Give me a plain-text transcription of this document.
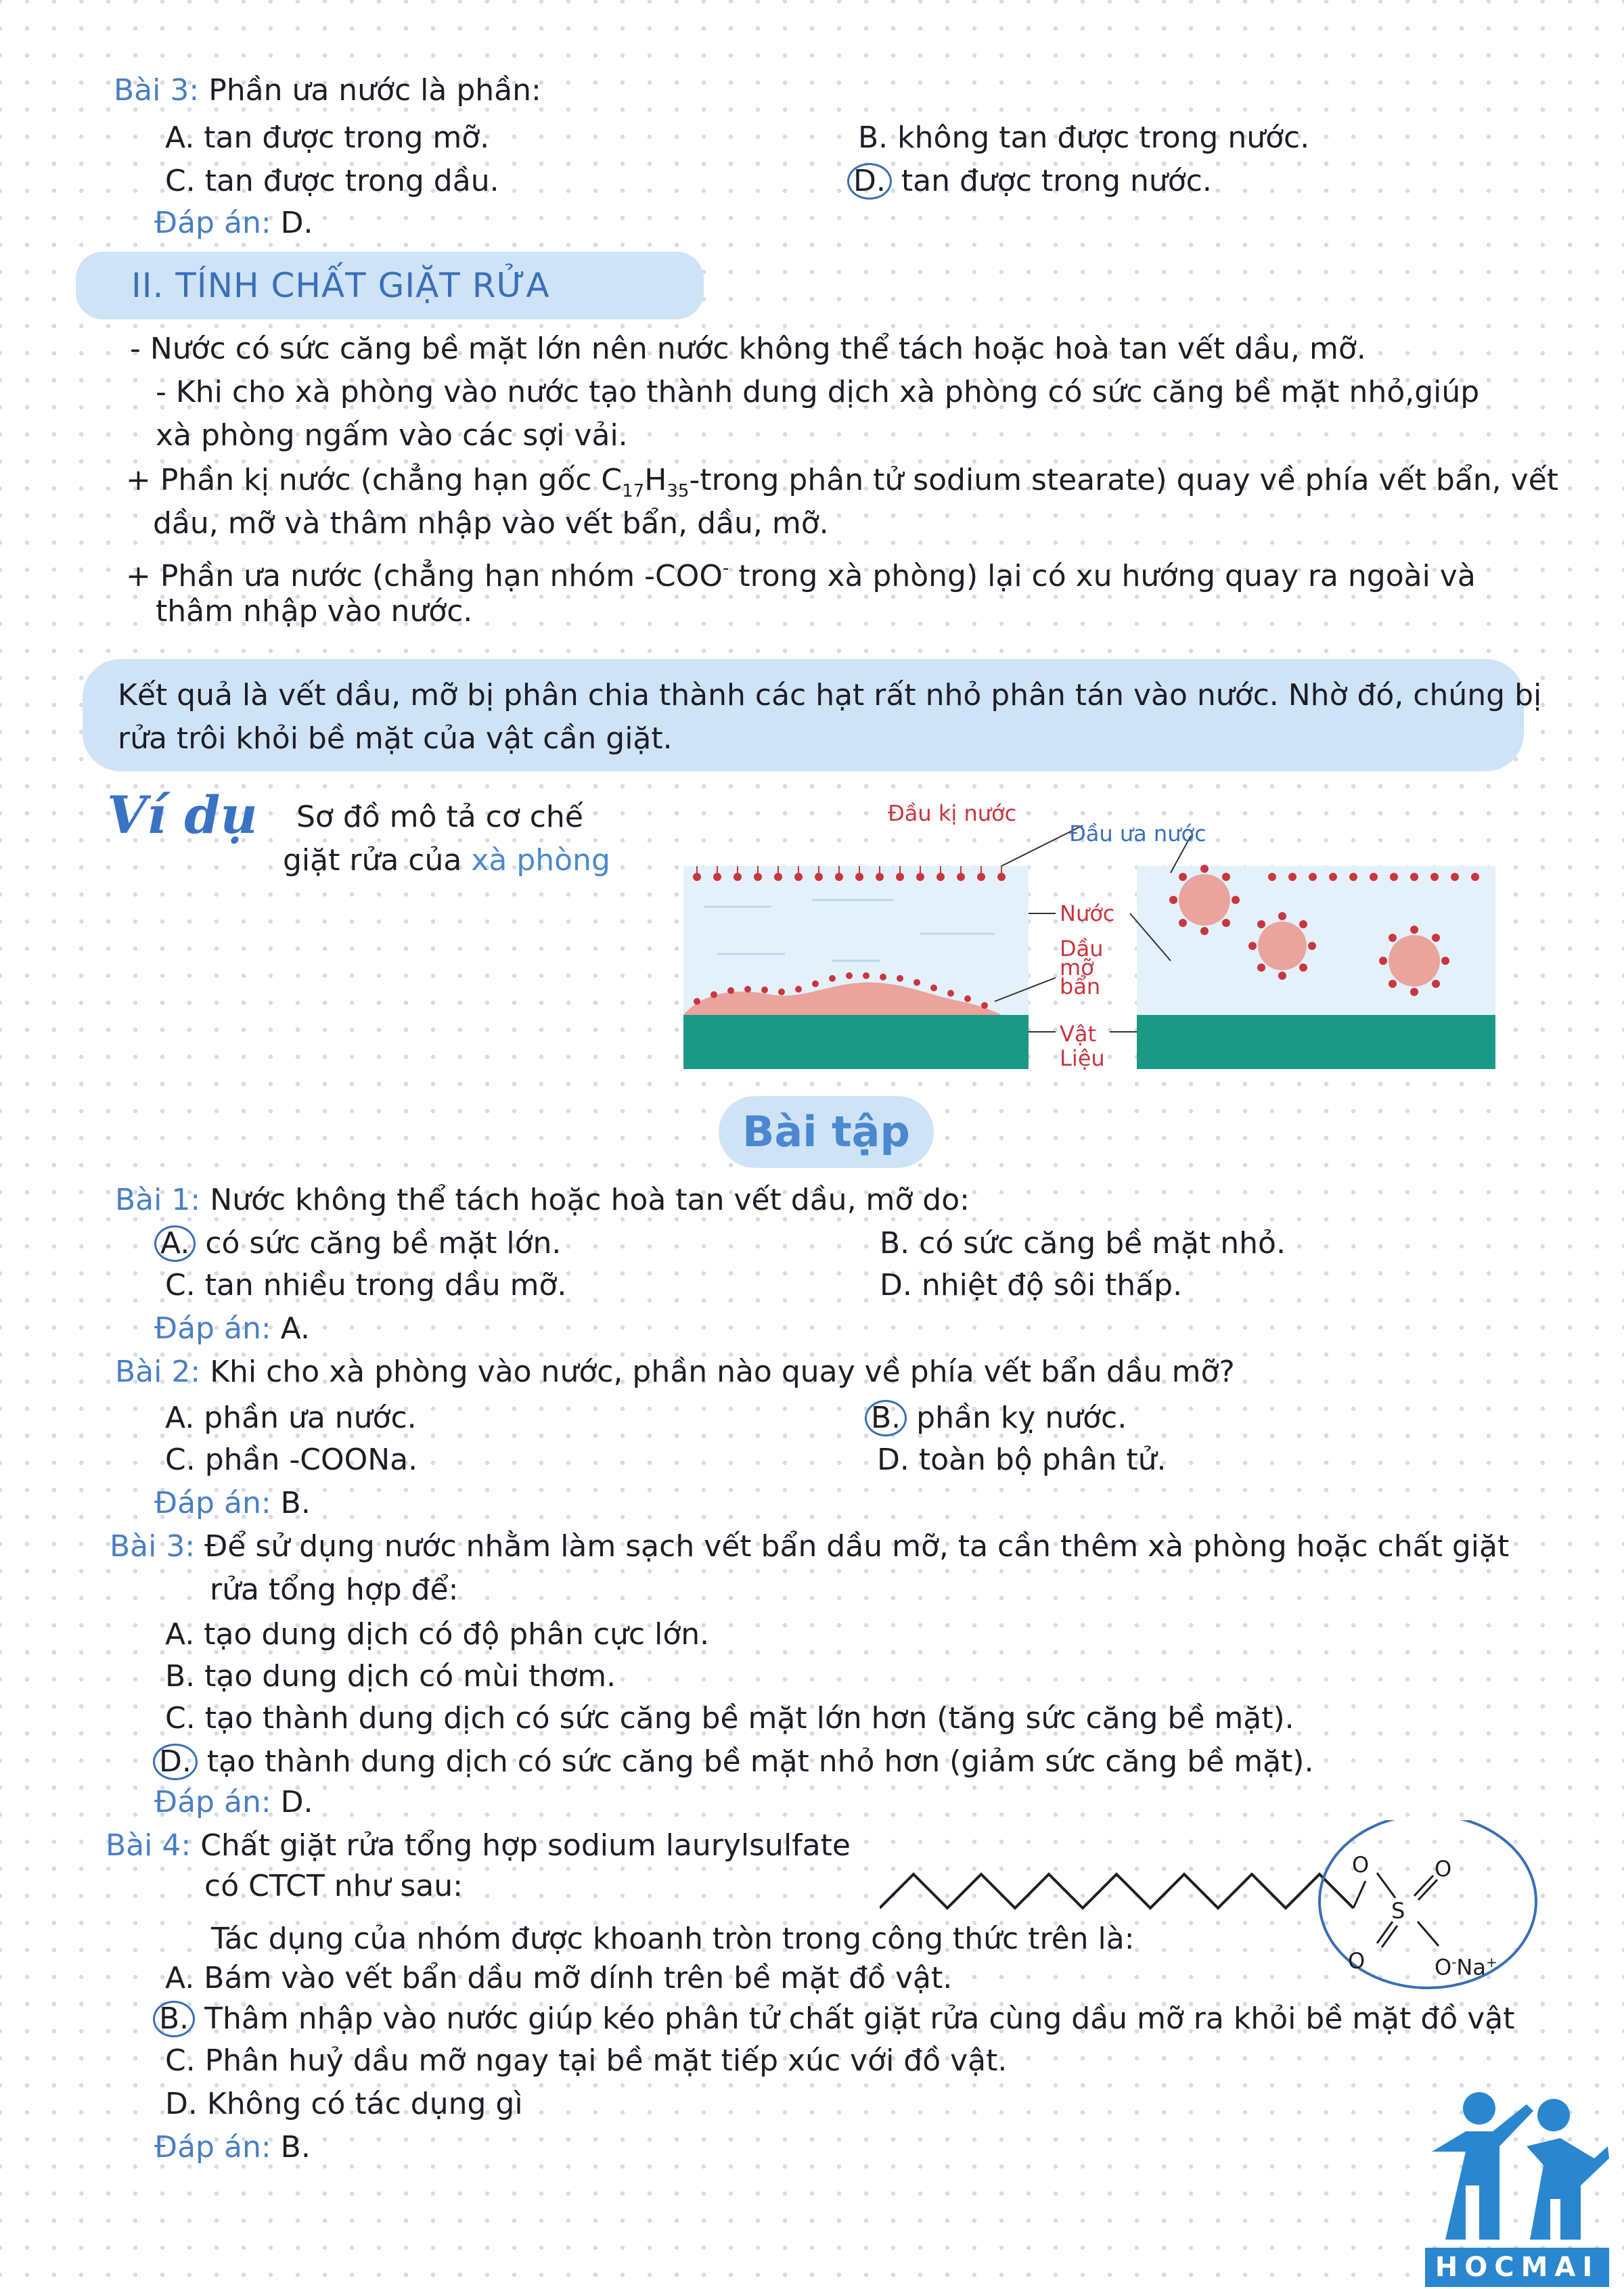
Bài 3: Phần ưa nước là phần:
A. tan được trong mỡ.	B. không tan được trong nước.
C. tan được trong dầu.	D. tan được trong nước.
Đáp án: D.
II. TÍNH CHẤT GIẶT RỬA
- Nước có sức căng bề mặt lớn nên nước không thể tách hoặc hoà tan vết dầu, mỡ.
- Khi cho xà phòng vào nước tạo thành dung dịch xà phòng có sức căng bề mặt nhỏ,giúp
xà phòng ngấm vào các sợi vải.
+ Phần kị nước (chẳng hạn gốc $C_{17}H_{35}$-trong phân tử sodium stearate) quay về phía vết bẩn, vết
dầu, mỡ và thâm nhập vào vết bẩn, dầu, mỡ.
+ Phần ưa nước (chẳng hạn nhóm -COO- trong xà phòng) lại có xu hướng quay ra ngoài và
thâm nhập vào nước.
Kết quả là vết dầu, mỡ bị phân chia thành các hạt rất nhỏ phân tán vào nước. Nhờ đó, chúng bị
rửa trôi khỏi bề mặt của vật cần giặt.
Ví dụ Sơ đồ mô tả cơ chế
giặt rửa của xà phòng
Đầu kị nước
Đầu ưa nước
Nước
Dầu
mỡ
bẩn
Vật
Liệu
Bài tập
Bài 1: Nước không thể tách hoặc hoà tan vết dầu, mỡ do:
A. có sức căng bề mặt lớn.	B. có sức căng bề mặt nhỏ.
C. tan nhiều trong dầu mỡ.	D. nhiệt độ sôi thấp.
Đáp án: A.
Bài 2: Khi cho xà phòng vào nước, phần nào quay về phía vết bẩn dầu mỡ?
A. phần ưa nước.	B. phần kỵ nước.
C. phần -COONa.	D. toàn bộ phân tử.
Đáp án: B.
Bài 3: Để sử dụng nước nhằm làm sạch vết bẩn dầu mỡ, ta cần thêm xà phòng hoặc chất giặt
rửa tổng hợp để:
A. tạo dung dịch có độ phân cực lớn.
B. tạo dung dịch có mùi thơm.
C. tạo thành dung dịch có sức căng bề mặt lớn hơn (tăng sức căng bề mặt).
D. tạo thành dung dịch có sức căng bề mặt nhỏ hơn (giảm sức căng bề mặt).
Đáp án: D.
Bài 4: Chất giặt rửa tổng hợp sodium laurylsulfate
có CTCT như sau:
Tác dụng của nhóm được khoanh tròn trong công thức trên là:
O	O
S
O	O-Na+
A. Bám vào vết bẩn dầu mỡ dính trên bề mặt đồ vật.
B. Thâm nhập vào nước giúp kéo phân tử chất giặt rửa cùng dầu mỡ ra khỏi bề mặt đồ vật
C. Phân huỷ dầu mỡ ngay tại bề mặt tiếp xúc với đồ vật.
D. Không có tác dụng gì
Đáp án: B.
HOCMAI
